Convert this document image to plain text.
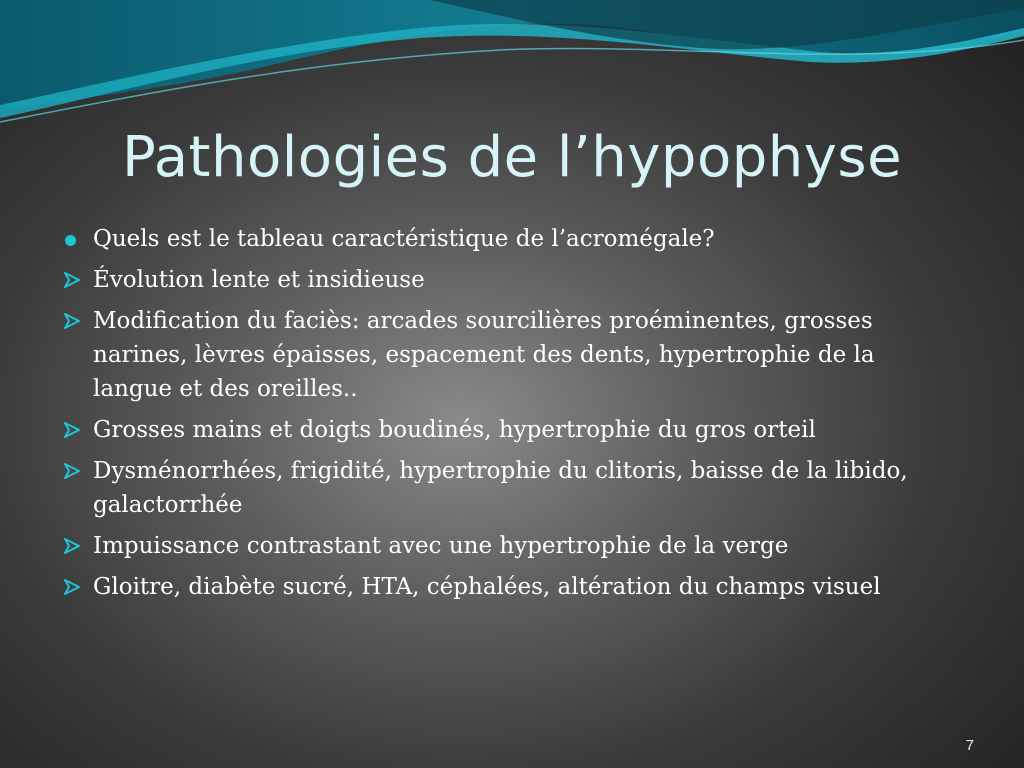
Pathologies de l’hypophyse
Quels est le tableau caractéristique de l’acromégale?
Évolution lente et insidieuse
Modification du faciès: arcades sourcilières proéminentes, grosses narines, lèvres épaisses, espacement des dents, hypertrophie de la langue et des oreilles..
Grosses mains et doigts boudinés, hypertrophie du gros orteil
Dysménorrhées, frigidité, hypertrophie du clitoris, baisse de la libido, galactorrhée
Impuissance contrastant avec une hypertrophie de la verge
Gloitre, diabète sucré, HTA, céphalées, altération du champs visuel
7
